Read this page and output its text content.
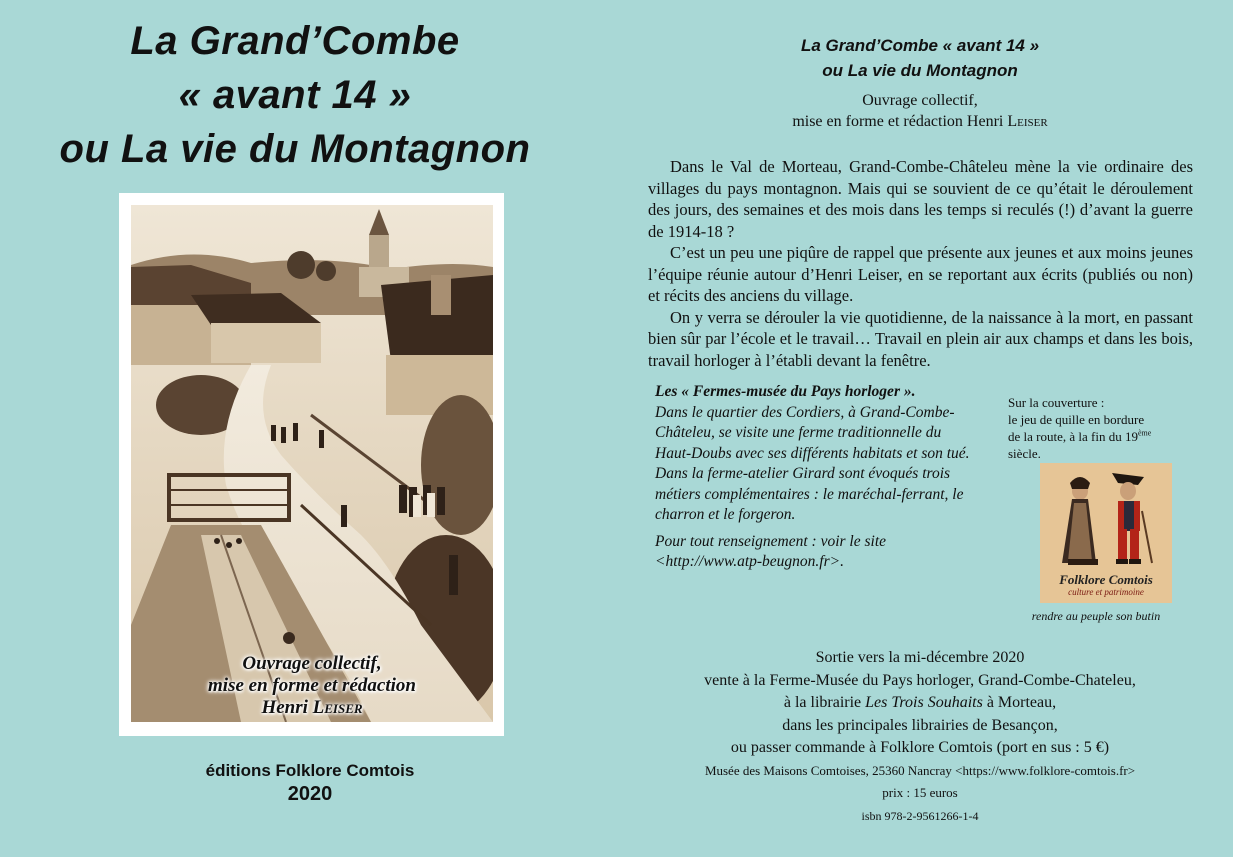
La Grand’Combe
« avant 14 »
ou La vie du Montagnon
Ouvrage collectif,
mise en forme et rédaction
Henri Leiser
éditions Folklore Comtois
2020
La Grand’Combe « avant 14 »
ou La vie du Montagnon
Ouvrage collectif,
mise en forme et rédaction Henri Leiser

Dans le Val de Morteau, Grand-Combe-Châteleu mène la vie ordinaire des villages du pays montagnon. Mais qui se souvient de ce qu’était le déroulement des jours, des semaines et des mois dans les temps si reculés (!) d’avant la guerre de 1914-18 ?

C’est un peu une piqûre de rappel que présente aux jeunes et aux moins jeunes l’équipe réunie autour d’Henri Leiser, en se reportant aux écrits (publiés ou non) et récits des anciens du village.

On y verra se dérouler la vie quotidienne, de la naissance à la mort, en passant bien sûr par l’école et le travail… Travail en plein air aux champs et dans les bois, travail horloger à l’établi devant la fenêtre.

Les « Fermes-musée du Pays horloger ».

Dans le quartier des Cordiers, à Grand-Combe-Châteleu, se visite une ferme traditionnelle du Haut-Doubs avec ses différents habitats et son tué.

Dans la ferme-atelier Girard sont évoqués trois métiers complémentaires : le maréchal-ferrant, le charron et le forgeron.

Pour tout renseignement : voir le site <http://www.atp-beugnon.fr>.

Sur la couverture :
le jeu de quille en bordure
de la route, à la fin du 19ème
siècle.
Folklore Comtois
culture et patrimoine
rendre au peuple son butin
Sortie vers la mi-décembre 2020
vente à la Ferme-Musée du Pays horloger, Grand-Combe-Chateleu,
à la librairie Les Trois Souhaits à Morteau,
dans les principales librairies de Besançon,
ou passer commande à Folklore Comtois (port en sus : 5 €)
Musée des Maisons Comtoises, 25360 Nancray <https://www.folklore-comtois.fr>
prix : 15 euros
isbn 978-2-9561266-1-4
